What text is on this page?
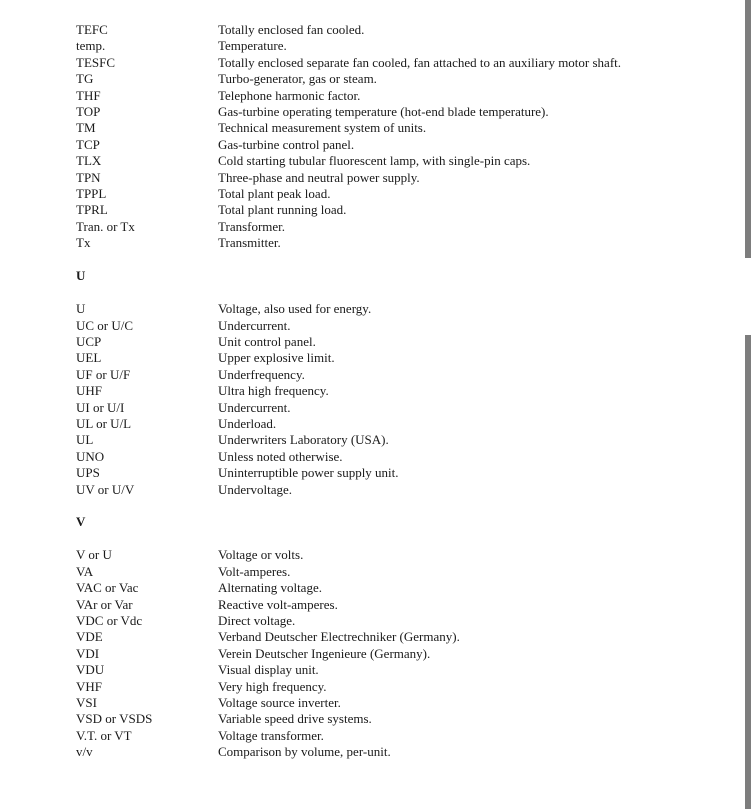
TEFC	Totally enclosed fan cooled.
temp.	Temperature.
TESFC	Totally enclosed separate fan cooled, fan attached to an auxiliary motor shaft.
TG	Turbo-generator, gas or steam.
THF	Telephone harmonic factor.
TOP	Gas-turbine operating temperature (hot-end blade temperature).
TM	Technical measurement system of units.
TCP	Gas-turbine control panel.
TLX	Cold starting tubular fluorescent lamp, with single-pin caps.
TPN	Three-phase and neutral power supply.
TPPL	Total plant peak load.
TPRL	Total plant running load.
Tran. or Tx	Transformer.
Tx	Transmitter.
U
U	Voltage, also used for energy.
UC or U/C	Undercurrent.
UCP	Unit control panel.
UEL	Upper explosive limit.
UF or U/F	Underfrequency.
UHF	Ultra high frequency.
UI or U/I	Undercurrent.
UL or U/L	Underload.
UL	Underwriters Laboratory (USA).
UNO	Unless noted otherwise.
UPS	Uninterruptible power supply unit.
UV or U/V	Undervoltage.
V
V or U	Voltage or volts.
VA	Volt-amperes.
VAC or Vac	Alternating voltage.
VAr or Var	Reactive volt-amperes.
VDC or Vdc	Direct voltage.
VDE	Verband Deutscher Electrechniker (Germany).
VDI	Verein Deutscher Ingenieure (Germany).
VDU	Visual display unit.
VHF	Very high frequency.
VSI	Voltage source inverter.
VSD or VSDS	Variable speed drive systems.
V.T. or VT	Voltage transformer.
v/v	Comparison by volume, per-unit.
